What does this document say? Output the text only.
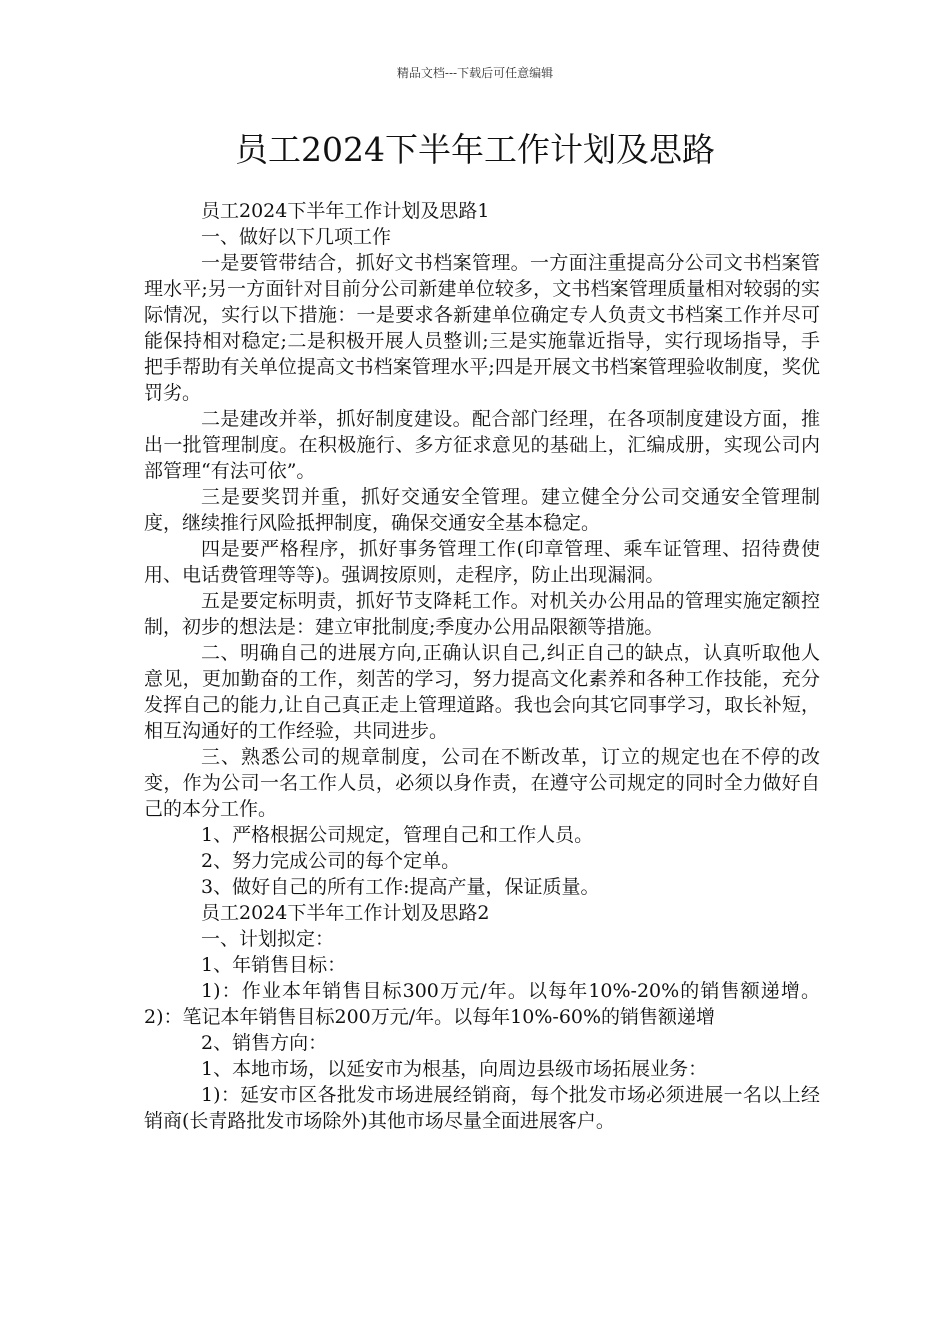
精品文档---下载后可任意编辑
员工2024下半年工作计划及思路

员工2024下半年工作计划及思路1

一、做好以下几项工作

一是要管带结合，抓好文书档案管理。一方面注重提高分公司文书档案管理水平;另一方面针对目前分公司新建单位较多，文书档案管理质量相对较弱的实际情况，实行以下措施：一是要求各新建单位确定专人负责文书档案工作并尽可能保持相对稳定;二是积极开展人员整训;三是实施靠近指导，实行现场指导，手把手帮助有关单位提高文书档案管理水平;四是开展文书档案管理验收制度，奖优罚劣。

二是建改并举，抓好制度建设。配合部门经理，在各项制度建设方面，推出一批管理制度。在积极施行、多方征求意见的基础上，汇编成册，实现公司内部管理“有法可依”。

三是要奖罚并重，抓好交通安全管理。建立健全分公司交通安全管理制度，继续推行风险抵押制度，确保交通安全基本稳定。

四是要严格程序，抓好事务管理工作(印章管理、乘车证管理、招待费使用、电话费管理等等)。强调按原则，走程序，防止出现漏洞。

五是要定标明责，抓好节支降耗工作。对机关办公用品的管理实施定额控制，初步的想法是：建立审批制度;季度办公用品限额等措施。

二、明确自己的进展方向,正确认识自己,纠正自己的缺点，认真听取他人意见，更加勤奋的工作，刻苦的学习，努力提高文化素养和各种工作技能，充分发挥自己的能力,让自己真正走上管理道路。我也会向其它同事学习，取长补短，相互沟通好的工作经验，共同进步。

三、熟悉公司的规章制度，公司在不断改革，订立的规定也在不停的改变，作为公司一名工作人员，必须以身作责，在遵守公司规定的同时全力做好自己的本分工作。

1、严格根据公司规定，管理自己和工作人员。

2、努力完成公司的每个定单。

3、做好自己的所有工作:提高产量，保证质量。

员工2024下半年工作计划及思路2

一、计划拟定：

1、年销售目标：

1)：作业本年销售目标300万元/年。以每年10%-20%的销售额递增。2)：笔记本年销售目标200万元/年。以每年10%-60%的销售额递增

2、销售方向：

1、本地市场，以延安市为根基，向周边县级市场拓展业务：

1)：延安市区各批发市场进展经销商，每个批发市场必须进展一名以上经销商(长青路批发市场除外)其他市场尽量全面进展客户。
